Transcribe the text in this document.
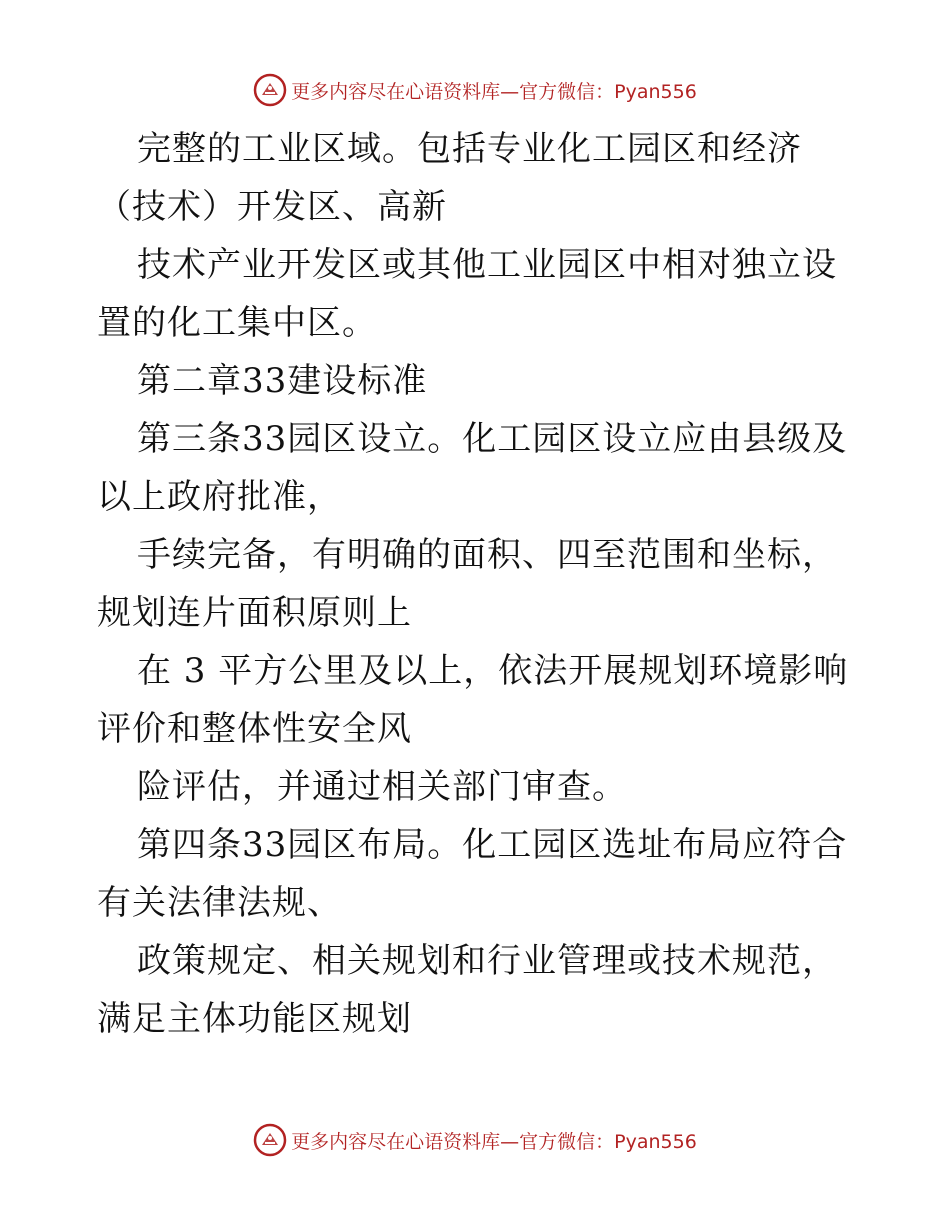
更多内容尽在心语资料库—官方微信：Pyan556

完整的工业区域。包括专业化工园区和经济（技术）开发区、高新

技术产业开发区或其他工业园区中相对独立设置的化工集中区。

第二章33建设标准

第三条33园区设立。化工园区设立应由县级及以上政府批准，

手续完备，有明确的面积、四至范围和坐标，规划连片面积原则上

在 3 平方公里及以上，依法开展规划环境影响评价和整体性安全风

险评估，并通过相关部门审查。

第四条33园区布局。化工园区选址布局应符合有关法律法规、

政策规定、相关规划和行业管理或技术规范，满足主体功能区规划

更多内容尽在心语资料库—官方微信：Pyan556
